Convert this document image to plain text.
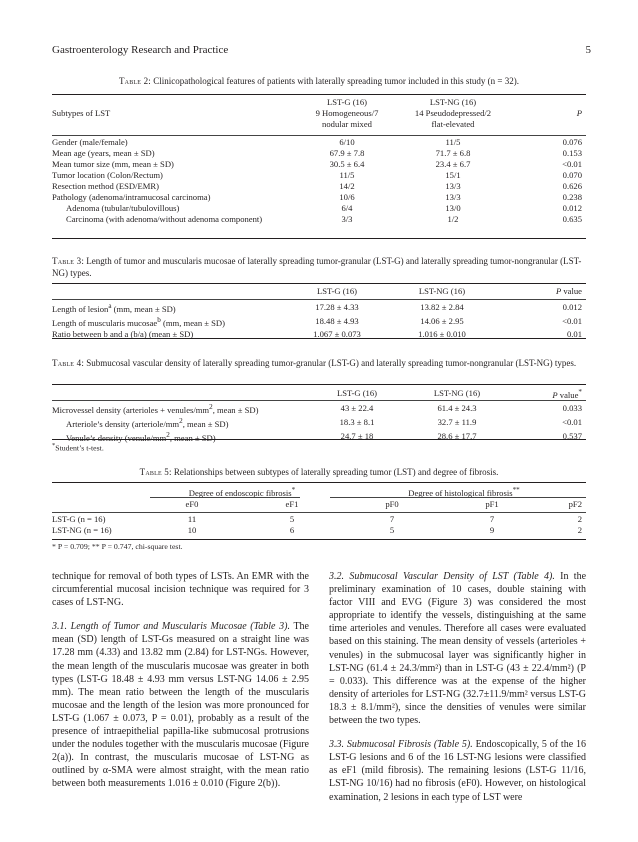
Gastroenterology Research and Practice	5
Table 2: Clinicopathological features of patients with laterally spreading tumor included in this study (n = 32).
	LST-G (16)	LST-NG (16)	
Subtypes of LST	9 Homogeneous/7	14 Pseudodepressed/2	P
	nodular mixed	flat-elevated	
Gender (male/female)	6/10	11/5	0.076
Mean age (years, mean ± SD)	67.9 ± 7.8	71.7 ± 6.8	0.153
Mean tumor size (mm, mean ± SD)	30.5 ± 6.4	23.4 ± 6.7	<0.01
Tumor location (Colon/Rectum)	11/5	15/1	0.070
Resection method (ESD/EMR)	14/2	13/3	0.626
Pathology (adenoma/intramucosal carcinoma)	10/6	13/3	0.238
Adenoma (tubular/tubulovillous)	6/4	13/0	0.012
Carcinoma (with adenoma/without adenoma component)	3/3	1/2	0.635
Table 3: Length of tumor and muscularis mucosae of laterally spreading tumor-granular (LST-G) and laterally spreading tumor-nongranular (LST-NG) types.
	LST-G (16)	LST-NG (16)	P value
Length of lesion$^a$ (mm, mean ± SD)	17.28 ± 4.33	13.82 ± 2.84	0.012
Length of muscularis mucosae$^b$ (mm, mean ± SD)	18.48 ± 4.93	14.06 ± 2.95	<0.01
Ratio between b and a (b/a) (mean ± SD)	1.067 ± 0.073	1.016 ± 0.010	0.01
Table 4: Submucosal vascular density of laterally spreading tumor-granular (LST-G) and laterally spreading tumor-nongranular (LST-NG) types.
	LST-G (16)	LST-NG (16)	P value*
Microvessel density (arterioles + venules/$mm^2$, mean ± SD)	43 ± 22.4	61.4 ± 24.3	0.033
Arteriole’s density ($arteriole/mm^2$, mean ± SD)	18.3 ± 8.1	32.7 ± 11.9	<0.01
Venule’s density ($venule/mm^2$, mean ± SD)	24.7 ± 18	28.6 ± 17.7	0.537
*Student’s t-test.
Table 5: Relationships between subtypes of laterally spreading tumor (LST) and degree of fibrosis.
	Degree of endoscopic fibrosis*	Degree of histological fibrosis**
	eF0	eF1	pF0	pF1	pF2
LST-G (n = 16)	11	5	7	7	2
LST-NG (n = 16)	10	6	5	9	2
* P = 0.709; ** P = 0.747, chi-square test.

technique for removal of both types of LSTs. An EMR with the circumferential mucosal incision technique was required for 3 cases of LST-NG.

3.1. Length of Tumor and Muscularis Mucosae (Table 3). The mean (SD) length of LST-Gs measured on a straight line was 17.28 mm (4.33) and 13.82 mm (2.84) for LST-NGs. However, the mean length of the muscularis mucosae was greater in both types (LST-G 18.48 ± 4.93 mm versus LST-NG 14.06 ± 2.95 mm). The mean ratio between the length of the muscularis mucosae and the length of the lesion was more pronounced for LST-G (1.067 ± 0.073, P = 0.01), probably as a result of the presence of intraepithelial papilla-like submucosal protrusions under the nodules together with the muscularis mucosae (Figure 2(a)). In contrast, the muscularis mucosae of LST-NG as outlined by α-SMA were almost straight, with the mean ratio between both measurements 1.016 ± 0.010 (Figure 2(b)).

3.2. Submucosal Vascular Density of LST (Table 4). In the preliminary examination of 10 cases, double staining with factor VIII and EVG (Figure 3) was considered the most appropriate to identify the vessels, distinguishing at the same time arterioles and venules. Therefore all cases were evaluated based on this staining. The mean density of vessels (arterioles + venules) in the submucosal layer was significantly higher in LST-NG (61.4 ± 24.3/mm²) than in LST-G (43 ± 22.4/mm²) (P = 0.033). This difference was at the expense of the higher density of arterioles for LST-NG (32.7±11.9/mm² versus LST-G 18.3 ± 8.1/mm²), since the densities of venules were similar between the two types.

3.3. Submucosal Fibrosis (Table 5). Endoscopically, 5 of the 16 LST-G lesions and 6 of the 16 LST-NG lesions were classified as eF1 (mild fibrosis). The remaining lesions (LST-G 11/16, LST-NG 10/16) had no fibrosis (eF0). However, on histological examination, 2 lesions in each type of LST were
